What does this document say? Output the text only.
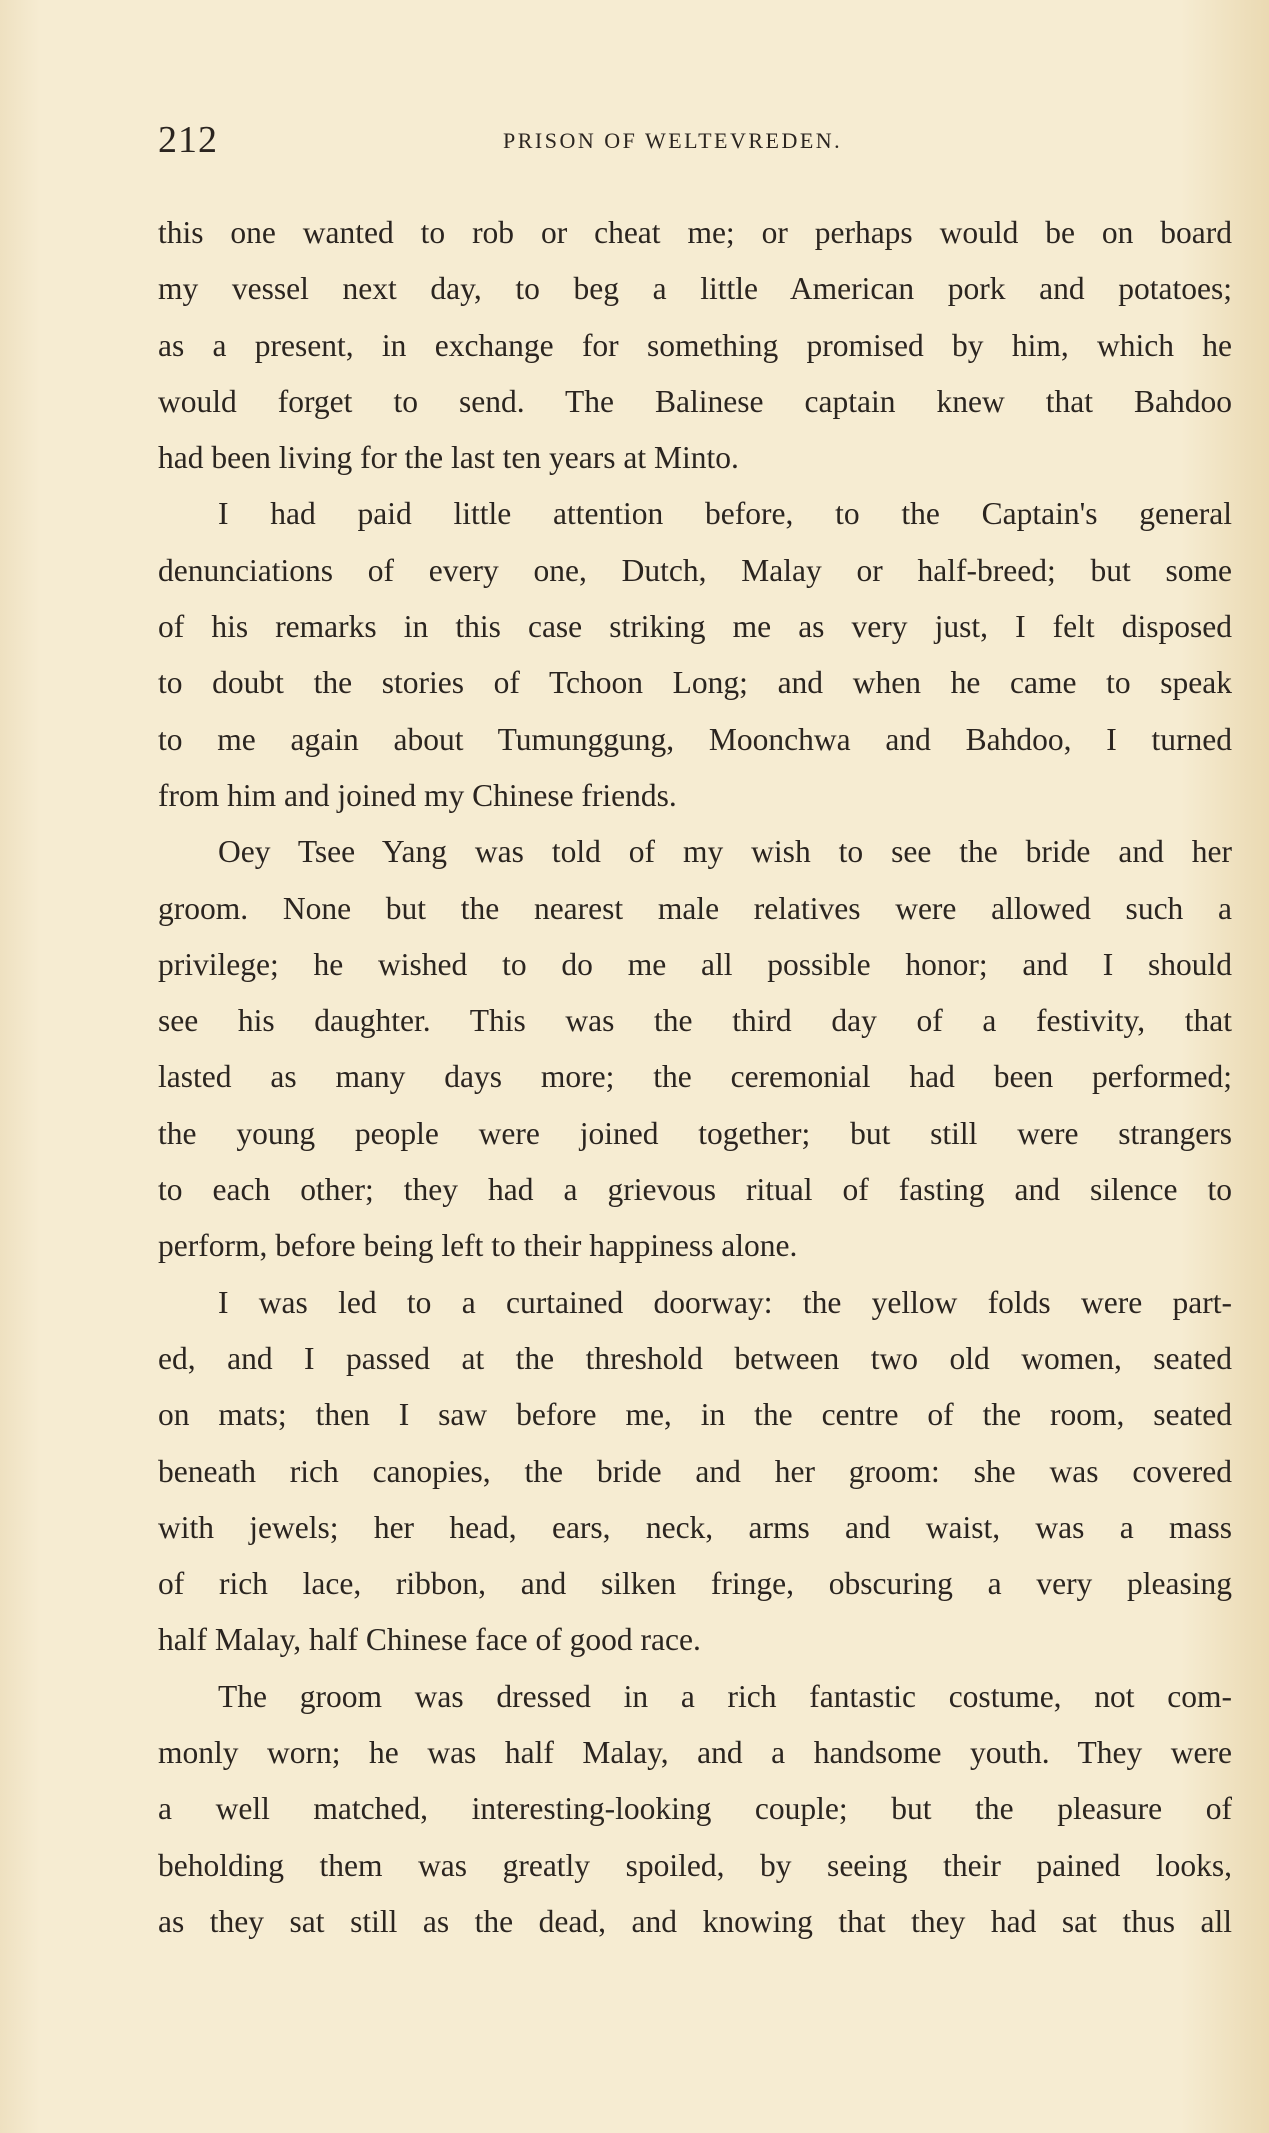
212	PRISON OF WELTEVREDEN.
this one wanted to rob or cheat me; or perhaps would be on board
my vessel next day, to beg a little American pork and potatoes;
as a present, in exchange for something promised by him, which he
would forget to send. The Balinese captain knew that Bahdoo
had been living for the last ten years at Minto.
I had paid little attention before, to the Captain's general
denunciations of every one, Dutch, Malay or half-breed; but some
of his remarks in this case striking me as very just, I felt disposed
to doubt the stories of Tchoon Long; and when he came to speak
to me again about Tumunggung, Moonchwa and Bahdoo, I turned
from him and joined my Chinese friends.
Oey Tsee Yang was told of my wish to see the bride and her
groom. None but the nearest male relatives were allowed such a
privilege; he wished to do me all possible honor; and I should
see his daughter. This was the third day of a festivity, that
lasted as many days more; the ceremonial had been performed;
the young people were joined together; but still were strangers
to each other; they had a grievous ritual of fasting and silence to
perform, before being left to their happiness alone.
I was led to a curtained doorway: the yellow folds were part-
ed, and I passed at the threshold between two old women, seated
on mats; then I saw before me, in the centre of the room, seated
beneath rich canopies, the bride and her groom: she was covered
with jewels; her head, ears, neck, arms and waist, was a mass
of rich lace, ribbon, and silken fringe, obscuring a very pleasing
half Malay, half Chinese face of good race.
The groom was dressed in a rich fantastic costume, not com-
monly worn; he was half Malay, and a handsome youth. They were
a well matched, interesting-looking couple; but the pleasure of
beholding them was greatly spoiled, by seeing their pained looks,
as they sat still as the dead, and knowing that they had sat thus all
